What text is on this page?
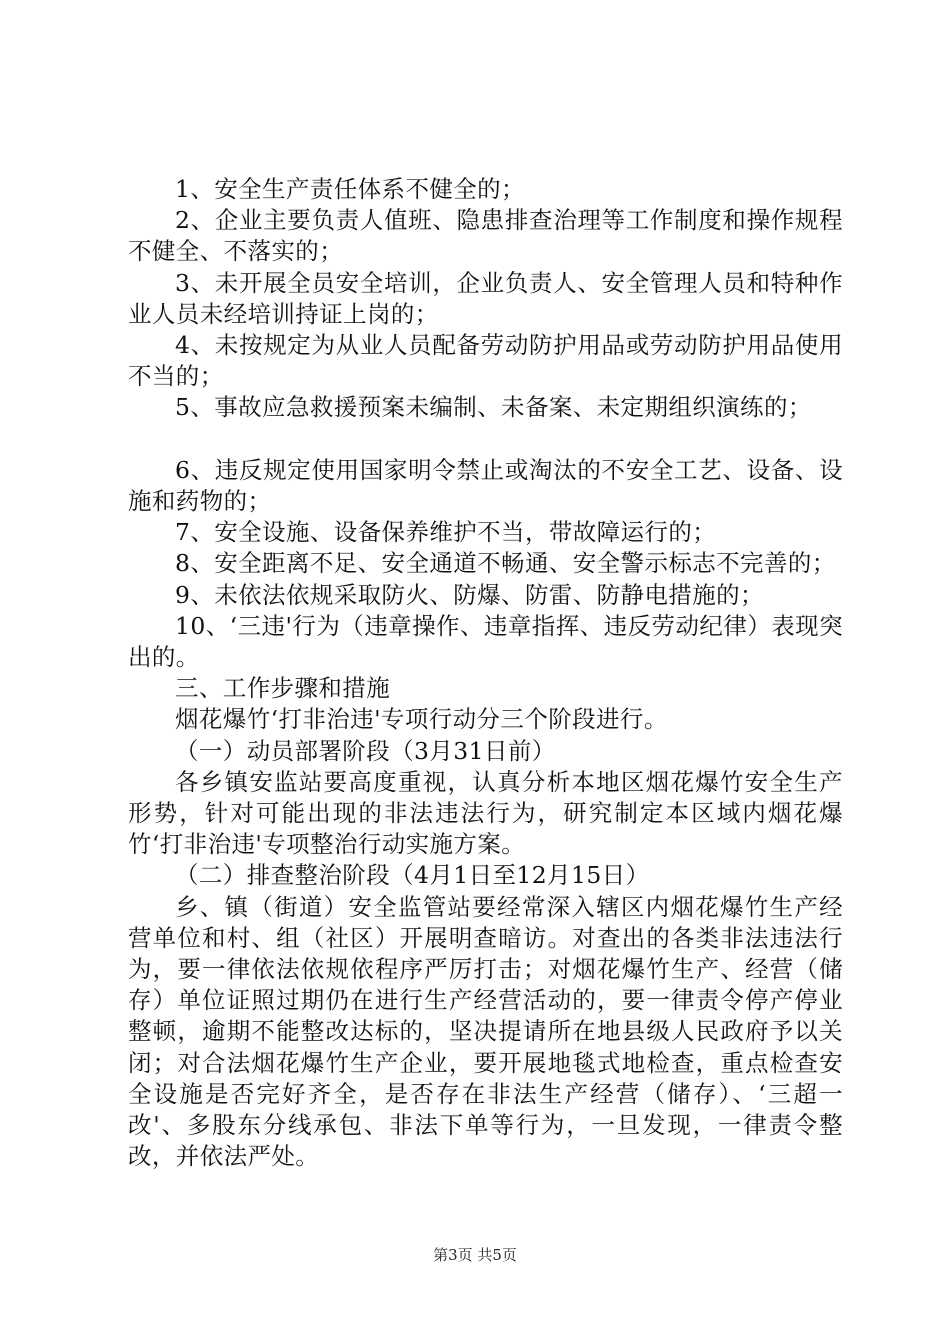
1、安全生产责任体系不健全的；

2、企业主要负责人值班、隐患排查治理等工作制度和操作规程不健全、不落实的；

3、未开展全员安全培训，企业负责人、安全管理人员和特种作业人员未经培训持证上岗的；

4、未按规定为从业人员配备劳动防护用品或劳动防护用品使用不当的；

5、事故应急救援预案未编制、未备案、未定期组织演练的；

6、违反规定使用国家明令禁止或淘汰的不安全工艺、设备、设施和药物的；

7、安全设施、设备保养维护不当，带故障运行的；

8、安全距离不足、安全通道不畅通、安全警示标志不完善的；

9、未依法依规采取防火、防爆、防雷、防静电措施的；

10、‘三违'行为（违章操作、违章指挥、违反劳动纪律）表现突出的。

三、工作步骤和措施

烟花爆竹‘打非治违'专项行动分三个阶段进行。

（一）动员部署阶段（3月31日前）

各乡镇安监站要高度重视，认真分析本地区烟花爆竹安全生产形势，针对可能出现的非法违法行为，研究制定本区域内烟花爆竹‘打非治违'专项整治行动实施方案。

（二）排查整治阶段（4月1日至12月15日）

乡、镇（街道）安全监管站要经常深入辖区内烟花爆竹生产经营单位和村、组（社区）开展明查暗访。对查出的各类非法违法行为，要一律依法依规依程序严厉打击；对烟花爆竹生产、经营（储存）单位证照过期仍在进行生产经营活动的，要一律责令停产停业整顿，逾期不能整改达标的，坚决提请所在地县级人民政府予以关闭；对合法烟花爆竹生产企业，要开展地毯式地检查，重点检查安全设施是否完好齐全，是否存在非法生产经营（储存）、‘三超一改'、多股东分线承包、非法下单等行为，一旦发现，一律责令整改，并依法严处。

第3页 共5页
